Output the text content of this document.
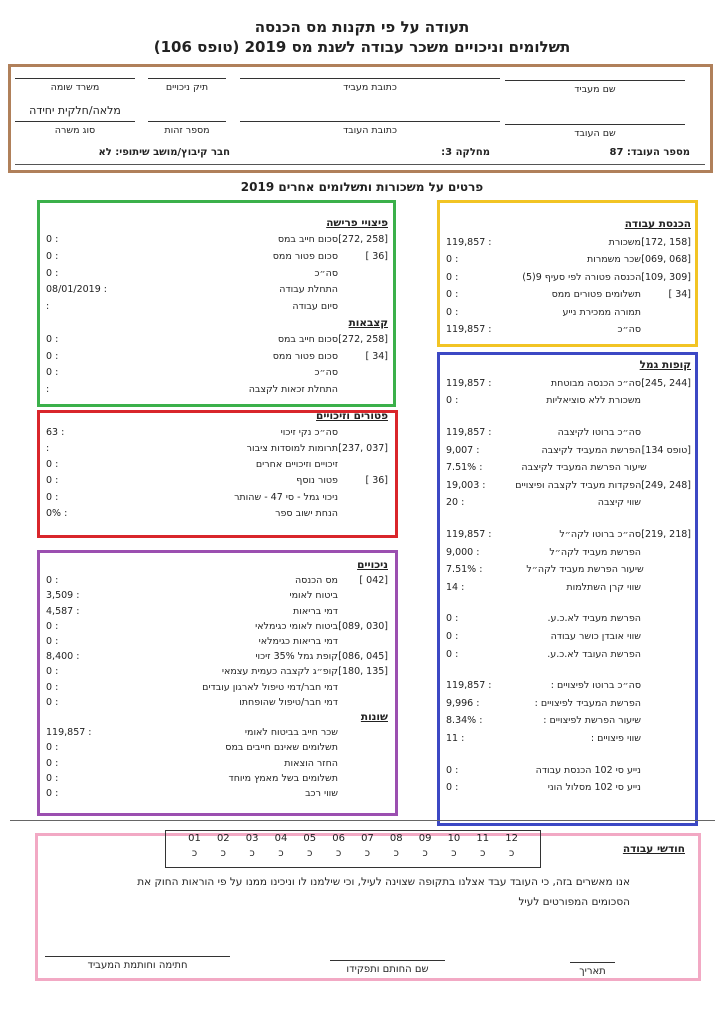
תעודה על פי תקנות מס הכנסה
תשלומים וניכויים משכר עבודה לשנת מס 2019 (טופס 106)
שם מעביד
כתובת מעביד
תיק ניכויים
משרד שומה
מלאה/חלקית יחידה
שם העובד
כתובת העובד
מספר זהות
סוג משרה
מספר העובד: 87
מחלקה 3:
חבר קיבוץ/מושב שיתופי: לא
פרטים על משכורות ותשלומים אחרים 2019
הכנסת עבודה
[172, 158]
משכורת
119,857 :
[069, 068]
שכר משמרות
0 :
[109, 309]
הכנסה פטורה לפי סעיף 9(5)
0 :
[ 34]
תשלומים פטורים ממס
0 :
תמורה ממכירת נייע
0 :
סה״כ
119,857 :
קופות גמל
[245, 244]
סה״כ הכנסה מבוטחת
119,857 :
משכורת ללא סוציאליות
0 :
סה״כ ברוטו לקיצבה
119,857 :
[טופס 134]
הפרשת המעביד לקיצבה
9,007 :
שיעור הפרשת המעביד לקיצבה
7.51% :
[249, 248]
הפקדות מעביד לקצבה ופיצויים
19,003 :
שווי קיצבה
20 :
[219, 218]
סה״כ ברוטו לקה״ל
119,857 :
הפרשת מעביד לקה״ל
9,000 :
שיעור הפרשת מעביד לקה״ל
7.51% :
שווי קרן השתלמות
14 :
הפרשת מעביד לא.כ.ע.
0 :
שווי אובדן כושר עבודה
0 :
הפרשת העובד לא.כ.ע.
0 :
סה״כ ברוטו לפיצויים :
119,857 :
הפרשת המעביד לפיצויים :
9,996 :
שיעור הפרשת לפיצויים :
8.34% :
שווי פיצויים :
11 :
נייע סי 102 הכנסת עבודה
0 :
נייע סי 102 מסלול הוני
0 :
פיצויי פרישה
[272, 258]
סכום חייב במס
0 :
[ 36]
סכום פטור ממס
0 :
סה״כ
0 :
התחלת עבודה
08/01/2019 :
סיום עבודה
:
קצבאות
[272, 258]
סכום חייב במס
0 :
[ 34]
סכום פטור ממס
0 :
סה״כ
0 :
התחלת זכאות לקצבה
:
פטורים וזיכויים
סה״כ נקי זיכוי
63 :
[237, 037]
תרומות למוסדות ציבור
:
זיכויים וזיכויים אחרים
0 :
[ 36]
פטור נוסף
0 :
ניכוי גמל - סי 47 - שהותר
0 :
הנחת ישוב ספר
0% :
ניכויים
[ 042]
מס הכנסה
0 :
ביטוח לאומי
3,509 :
דמי בריאות
4,587 :
[089, 030]
ביטוח לאומי כגימלאי
0 :
דמי בריאות כגימלאי
0 :
[086, 045]
קופת גמל 35% זיכוי
8,400 :
[180, 135]
קופ״ג לקצבה כעמית עצמאי
0 :
דמי חבר/דמי טיפול לארגון עובדים
0 :
דמי חבר/טיפול שהופחתו
0 :
שונות
שכר חייב בביטוח לאומי
119,857 :
תשלומים שאינם חייבים במס
0 :
החזר הוצאות
0 :
תשלומים בשל מאמץ מיוחד
0 :
שווי רכב
0 :
חודשי עבודה
12
כ
11
כ
10
כ
09
כ
08
כ
07
כ
06
כ
05
כ
04
כ
03
כ
02
כ
01
כ
אנו מאשרים בזה, כי העובד עבד אצלנו בתקופה שצוינה לעיל, וכי שילמנו לו וניכינו ממנו על פי הוראות החוק את
הסכומים המפורטים לעיל
חתימה וחותמת המעביד	שם החותם ותפקידו	תאריך
